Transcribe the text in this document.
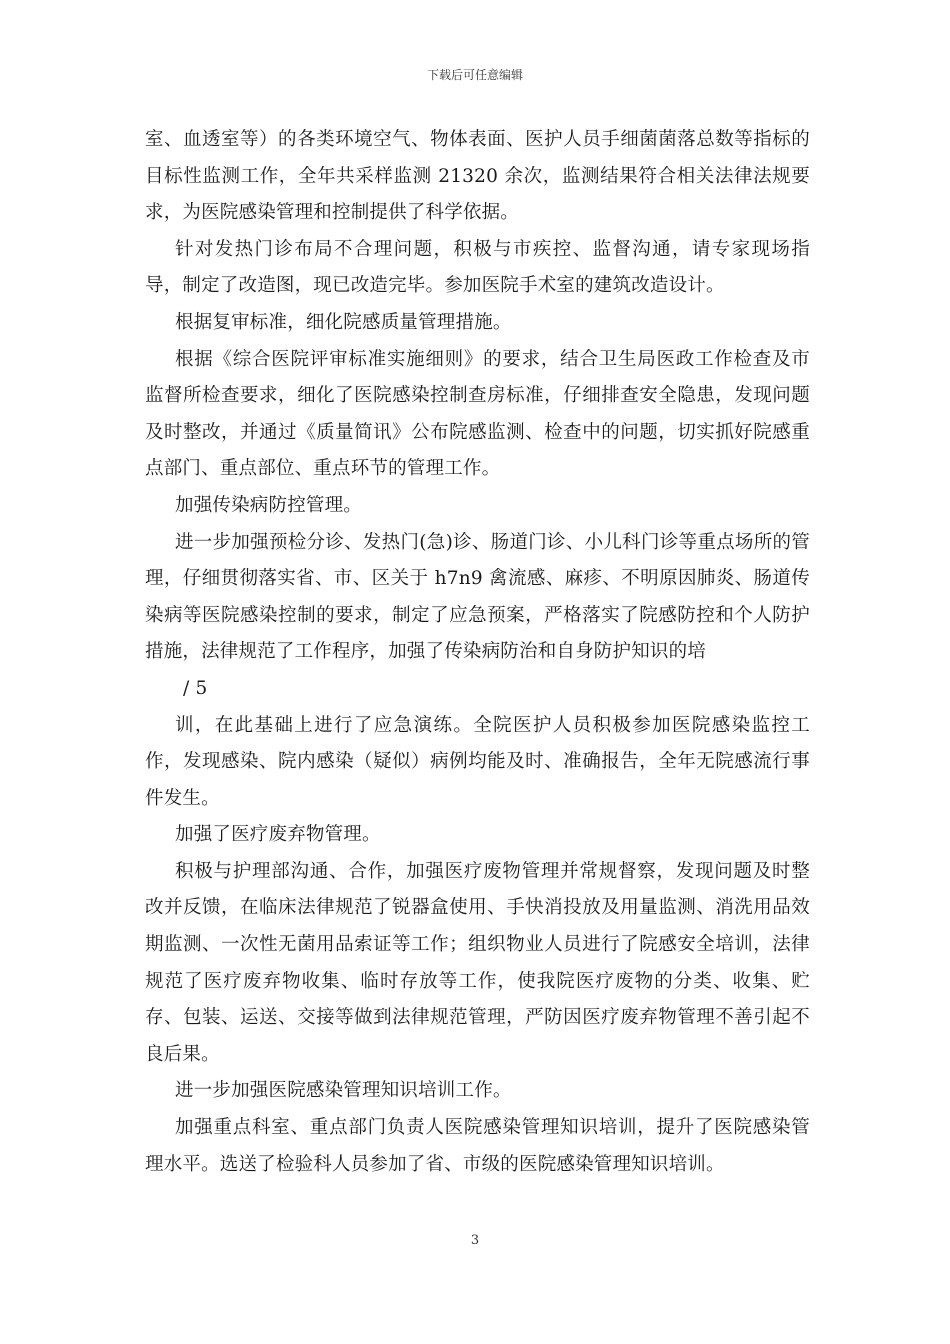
下载后可任意编辑

室、血透室等）的各类环境空气、物体表面、医护人员手细菌菌落总数等指标的目标性监测工作，全年共采样监测 21320 余次，监测结果符合相关法律法规要求，为医院感染管理和控制提供了科学依据。

针对发热门诊布局不合理问题，积极与市疾控、监督沟通，请专家现场指导，制定了改造图，现已改造完毕。参加医院手术室的建筑改造设计。

根据复审标准，细化院感质量管理措施。

根据《综合医院评审标准实施细则》的要求，结合卫生局医政工作检查及市监督所检查要求，细化了医院感染控制查房标准，仔细排查安全隐患，发现问题及时整改，并通过《质量简讯》公布院感监测、检查中的问题，切实抓好院感重点部门、重点部位、重点环节的管理工作。

加强传染病防控管理。

进一步加强预检分诊、发热门(急)诊、肠道门诊、小儿科门诊等重点场所的管理，仔细贯彻落实省、市、区关于 h7n9 禽流感、麻疹、不明原因肺炎、肠道传染病等医院感染控制的要求，制定了应急预案，严格落实了院感防控和个人防护措施，法律规范了工作程序，加强了传染病防治和自身防护知识的培

/ 5

训，在此基础上进行了应急演练。全院医护人员积极参加医院感染监控工作，发现感染、院内感染（疑似）病例均能及时、准确报告，全年无院感流行事件发生。

加强了医疗废弃物管理。

积极与护理部沟通、合作，加强医疗废物管理并常规督察，发现问题及时整改并反馈，在临床法律规范了锐器盒使用、手快消投放及用量监测、消洗用品效期监测、一次性无菌用品索证等工作；组织物业人员进行了院感安全培训，法律规范了医疗废弃物收集、临时存放等工作，使我院医疗废物的分类、收集、贮存、包装、运送、交接等做到法律规范管理，严防因医疗废弃物管理不善引起不良后果。

进一步加强医院感染管理知识培训工作。

加强重点科室、重点部门负责人医院感染管理知识培训，提升了医院感染管理水平。选送了检验科人员参加了省、市级的医院感染管理知识培训。

3
